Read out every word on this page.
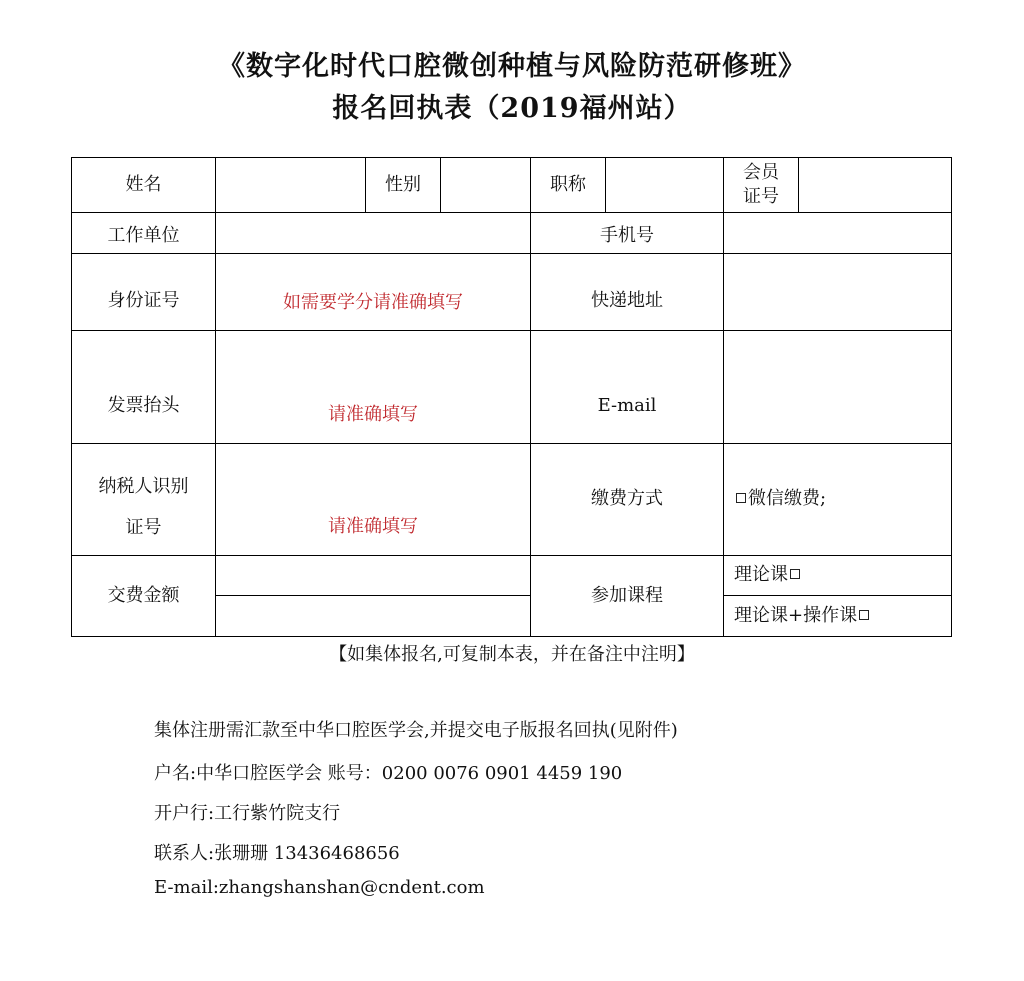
《数字化时代口腔微创种植与风险防范研修班》
报名回执表（2019福州站）
姓名		性别		职称		会员
证号	

工作单位				手机号			

身份证号	如需要学分请准确填写			快递地址			

发票抬头	请准确填写			E-mail			

纳税人识别
证号	请准确填写			缴费方式		微信缴费;	
交费金额				参加课程		理论课	
						理论课+操作课	
【如集体报名,可复制本表，并在备注中注明】
集体注册需汇款至中华口腔医学会,并提交电子版报名回执(见附件)
户名:中华口腔医学会 账号：0200 0076 0901 4459 190
开户行:工行紫竹院支行
联系人:张珊珊 13436468656
E-mail:zhangshanshan@cndent.com
